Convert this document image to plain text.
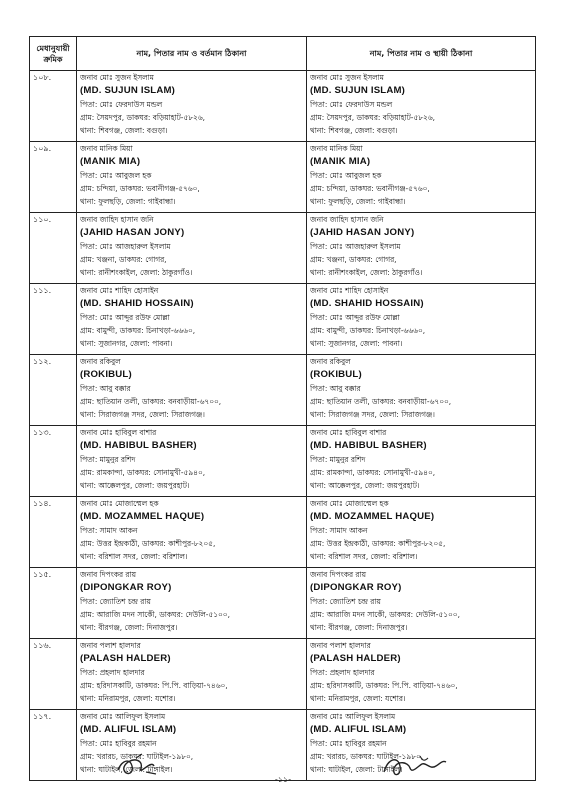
মেধানুযায়ী ক্রমিক	নাম, পিতার নাম ও বর্তমান ঠিকানা	নাম, পিতার নাম ও স্থায়ী ঠিকানা
১০৮.	জনাব মোঃ সুজন ইসলাম
(MD. SUJUN ISLAM)
পিতা: মোঃ ফেরদাউস মন্ডল
গ্রাম: সৈয়দপুর, ডাকঘর: বড়িয়াহাট-৫৮২৬,
থানা: শিবগঞ্জ, জেলা: বগুড়া।	জনাব মোঃ সুজন ইসলাম
(MD. SUJUN ISLAM)
পিতা: মোঃ ফেরদাউস মন্ডল
গ্রাম: সৈয়দপুর, ডাকঘর: বড়িয়াহাট-৫৮২৬,
থানা: শিবগঞ্জ, জেলা: বগুড়া।

১০৯.	জনাব মানিক মিয়া
(MANIK MIA)
পিতা: মোঃ আবুজল হক
গ্রাম: চন্দিয়া, ডাকঘর: ভবানীগঞ্জ-৫৭৬০,
থানা: ফুলছড়ি, জেলা: গাইবান্ধা।	জনাব মানিক মিয়া
(MANIK MIA)
পিতা: মোঃ আবুজল হক
গ্রাম: চন্দিয়া, ডাকঘর: ভবানীগঞ্জ-৫৭৬০,
থানা: ফুলছড়ি, জেলা: গাইবান্ধা।

১১০.	জনাব জাহিদ হাসান জনি
(JAHID HASAN JONY)
পিতা: মোঃ আজহারুল ইসলাম
গ্রাম: খঞ্জনা, ডাকঘর: গোগর,
থানা: রানীশংকাইল, জেলা: ঠাকুরগাঁও।	জনাব জাহিদ হাসান জনি
(JAHID HASAN JONY)
পিতা: মোঃ আজহারুল ইসলাম
গ্রাম: খঞ্জনা, ডাকঘর: গোগর,
থানা: রানীশংকাইল, জেলা: ঠাকুরগাঁও।

১১১.	জনাব মোঃ শাহিদ হোসাইন
(MD. SHAHID HOSSAIN)
পিতা: মোঃ আব্দুর রউফ মোল্লা
গ্রাম: বামুন্দী, ডাকঘর: চিনাখড়া-৬৬৬০,
থানা: সুজানগর, জেলা: পাবনা।	জনাব মোঃ শাহিদ হোসাইন
(MD. SHAHID HOSSAIN)
পিতা: মোঃ আব্দুর রউফ মোল্লা
গ্রাম: বামুন্দী, ডাকঘর: চিনাখড়া-৬৬৬০,
থানা: সুজানগর, জেলা: পাবনা।

১১২.	জনাব রকিবুল
(ROKIBUL)
পিতা: আবু বক্কার
গ্রাম: ছাতিয়ান তলী, ডাকঘর: বনবাড়ীয়া-৬৭০০,
থানা: সিরাজগঞ্জ সদর, জেলা: সিরাজগঞ্জ।	জনাব রকিবুল
(ROKIBUL)
পিতা: আবু বক্কার
গ্রাম: ছাতিয়ান তলী, ডাকঘর: বনবাড়ীয়া-৬৭০০,
থানা: সিরাজগঞ্জ সদর, জেলা: সিরাজগঞ্জ।

১১৩.	জনাব মোঃ হাবিবুল বাশার
(MD. HABIBUL BASHER)
পিতা: মামুনুর রশিদ
গ্রাম: রামকান্দা, ডাকঘর: সোনামুখী-৫৯৪০,
থানা: আক্কেলপুর, জেলা: জয়পুরহাট।	জনাব মোঃ হাবিবুল বাশার
(MD. HABIBUL BASHER)
পিতা: মামুনুর রশিদ
গ্রাম: রামকান্দা, ডাকঘর: সোনামুখী-৫৯৪০,
থানা: আক্কেলপুর, জেলা: জয়পুরহাট।

১১৪.	জনাব মোঃ মোজাম্মেল হক
(MD. MOZAMMEL HAQUE)
পিতা: সামাদ আকন
গ্রাম: উত্তর ইন্দ্রকাঠী, ডাকঘর: কাশীপুর-৮২০৫,
থানা: বরিশাল সদর, জেলা: বরিশাল।	জনাব মোঃ মোজাম্মেল হক
(MD. MOZAMMEL HAQUE)
পিতা: সামাদ আকন
গ্রাম: উত্তর ইন্দ্রকাঠী, ডাকঘর: কাশীপুর-৮২০৫,
থানা: বরিশাল সদর, জেলা: বরিশাল।

১১৫.	জনাব দিপংকর রায়
(DIPONGKAR ROY)
পিতা: জ্যোতিশ চন্দ্র রায়
গ্রাম: আরাজি মদন সাকেী, ডাকঘর: দেউলি-৫১০০,
থানা: বীরগঞ্জ, জেলা: দিনাজপুর।	জনাব দিপংকর রায়
(DIPONGKAR ROY)
পিতা: জ্যোতিশ চন্দ্র রায়
গ্রাম: আরাজি মদন সাকেী, ডাকঘর: দেউলি-৫১০০,
থানা: বীরগঞ্জ, জেলা: দিনাজপুর।

১১৬.	জনাব পলাশ হালদার
(PALASH HALDER)
পিতা: প্রহলাদ হালদার
গ্রাম: হরিদাসকাটি, ডাকঘর: পি.পি. বাড়িয়া-৭৪৬০,
থানা: মনিরামপুর, জেলা: যশোর।	জনাব পলাশ হালদার
(PALASH HALDER)
পিতা: প্রহলাদ হালদার
গ্রাম: হরিদাসকাটি, ডাকঘর: পি.পি. বাড়িয়া-৭৪৬০,
থানা: মনিরামপুর, জেলা: যশোর।

১১৭.	জনাব মোঃ আলিফুল ইসলাম
(MD. ALIFUL ISLAM)
পিতা: মোঃ হাবিবুর রহমান
গ্রাম: খরারচ, ডাকঘর: ঘাটাইল-১৯৮০,
থানা: ঘাটাইল, জেলা: টাঙ্গাইল।	জনাব মোঃ আলিফুল ইসলাম
(MD. ALIFUL ISLAM)
পিতা: মোঃ হাবিবুর রহমান
গ্রাম: খরারচ, ডাকঘর: ঘাটাইল-১৯৮০,
থানা: ঘাটাইল, জেলা: টাঙ্গাইল।
-১১-
